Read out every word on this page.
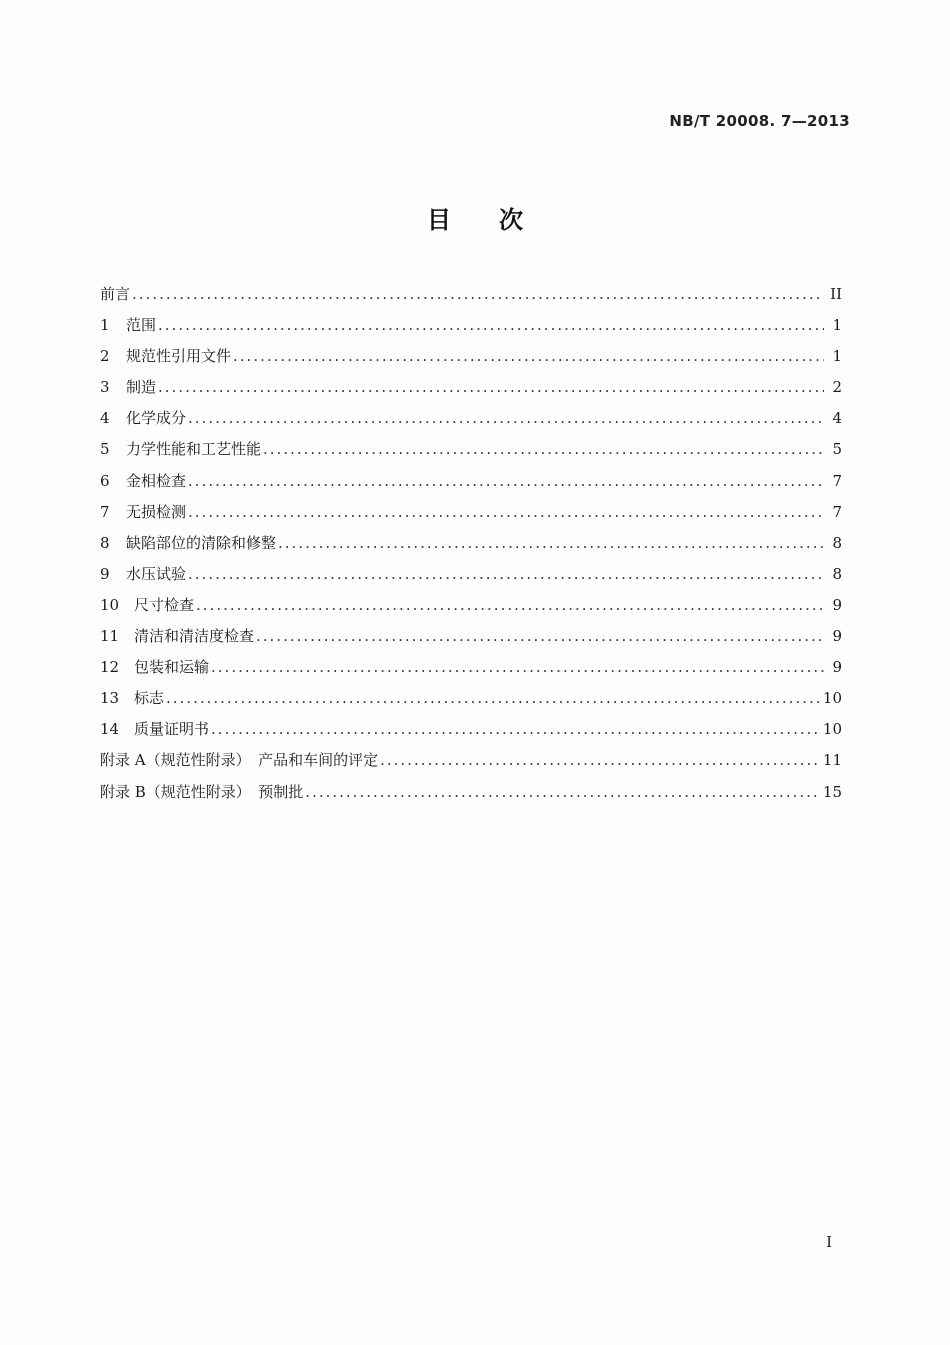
NB/T 20008. 7—2013
目次
前言 .....	II
1	范围 .....	1
2	规范性引用文件 .....	1
3	制造 .....	2
4	化学成分 .....	4
5	力学性能和工艺性能 .....	5
6	金相检查 .....	7
7	无损检测 .....	7
8	缺陷部位的清除和修整 .....	8
9	水压试验 .....	8
10 尺寸检查 .....	9
11 清洁和清洁度检查 .....	9
12 包装和运输 .....	9
13 标志 .....	10
14 质量证明书 .....	10
附录 A（规范性附录）　产品和车间的评定 .....	11
附录 B（规范性附录）　预制批 .....	15
I
